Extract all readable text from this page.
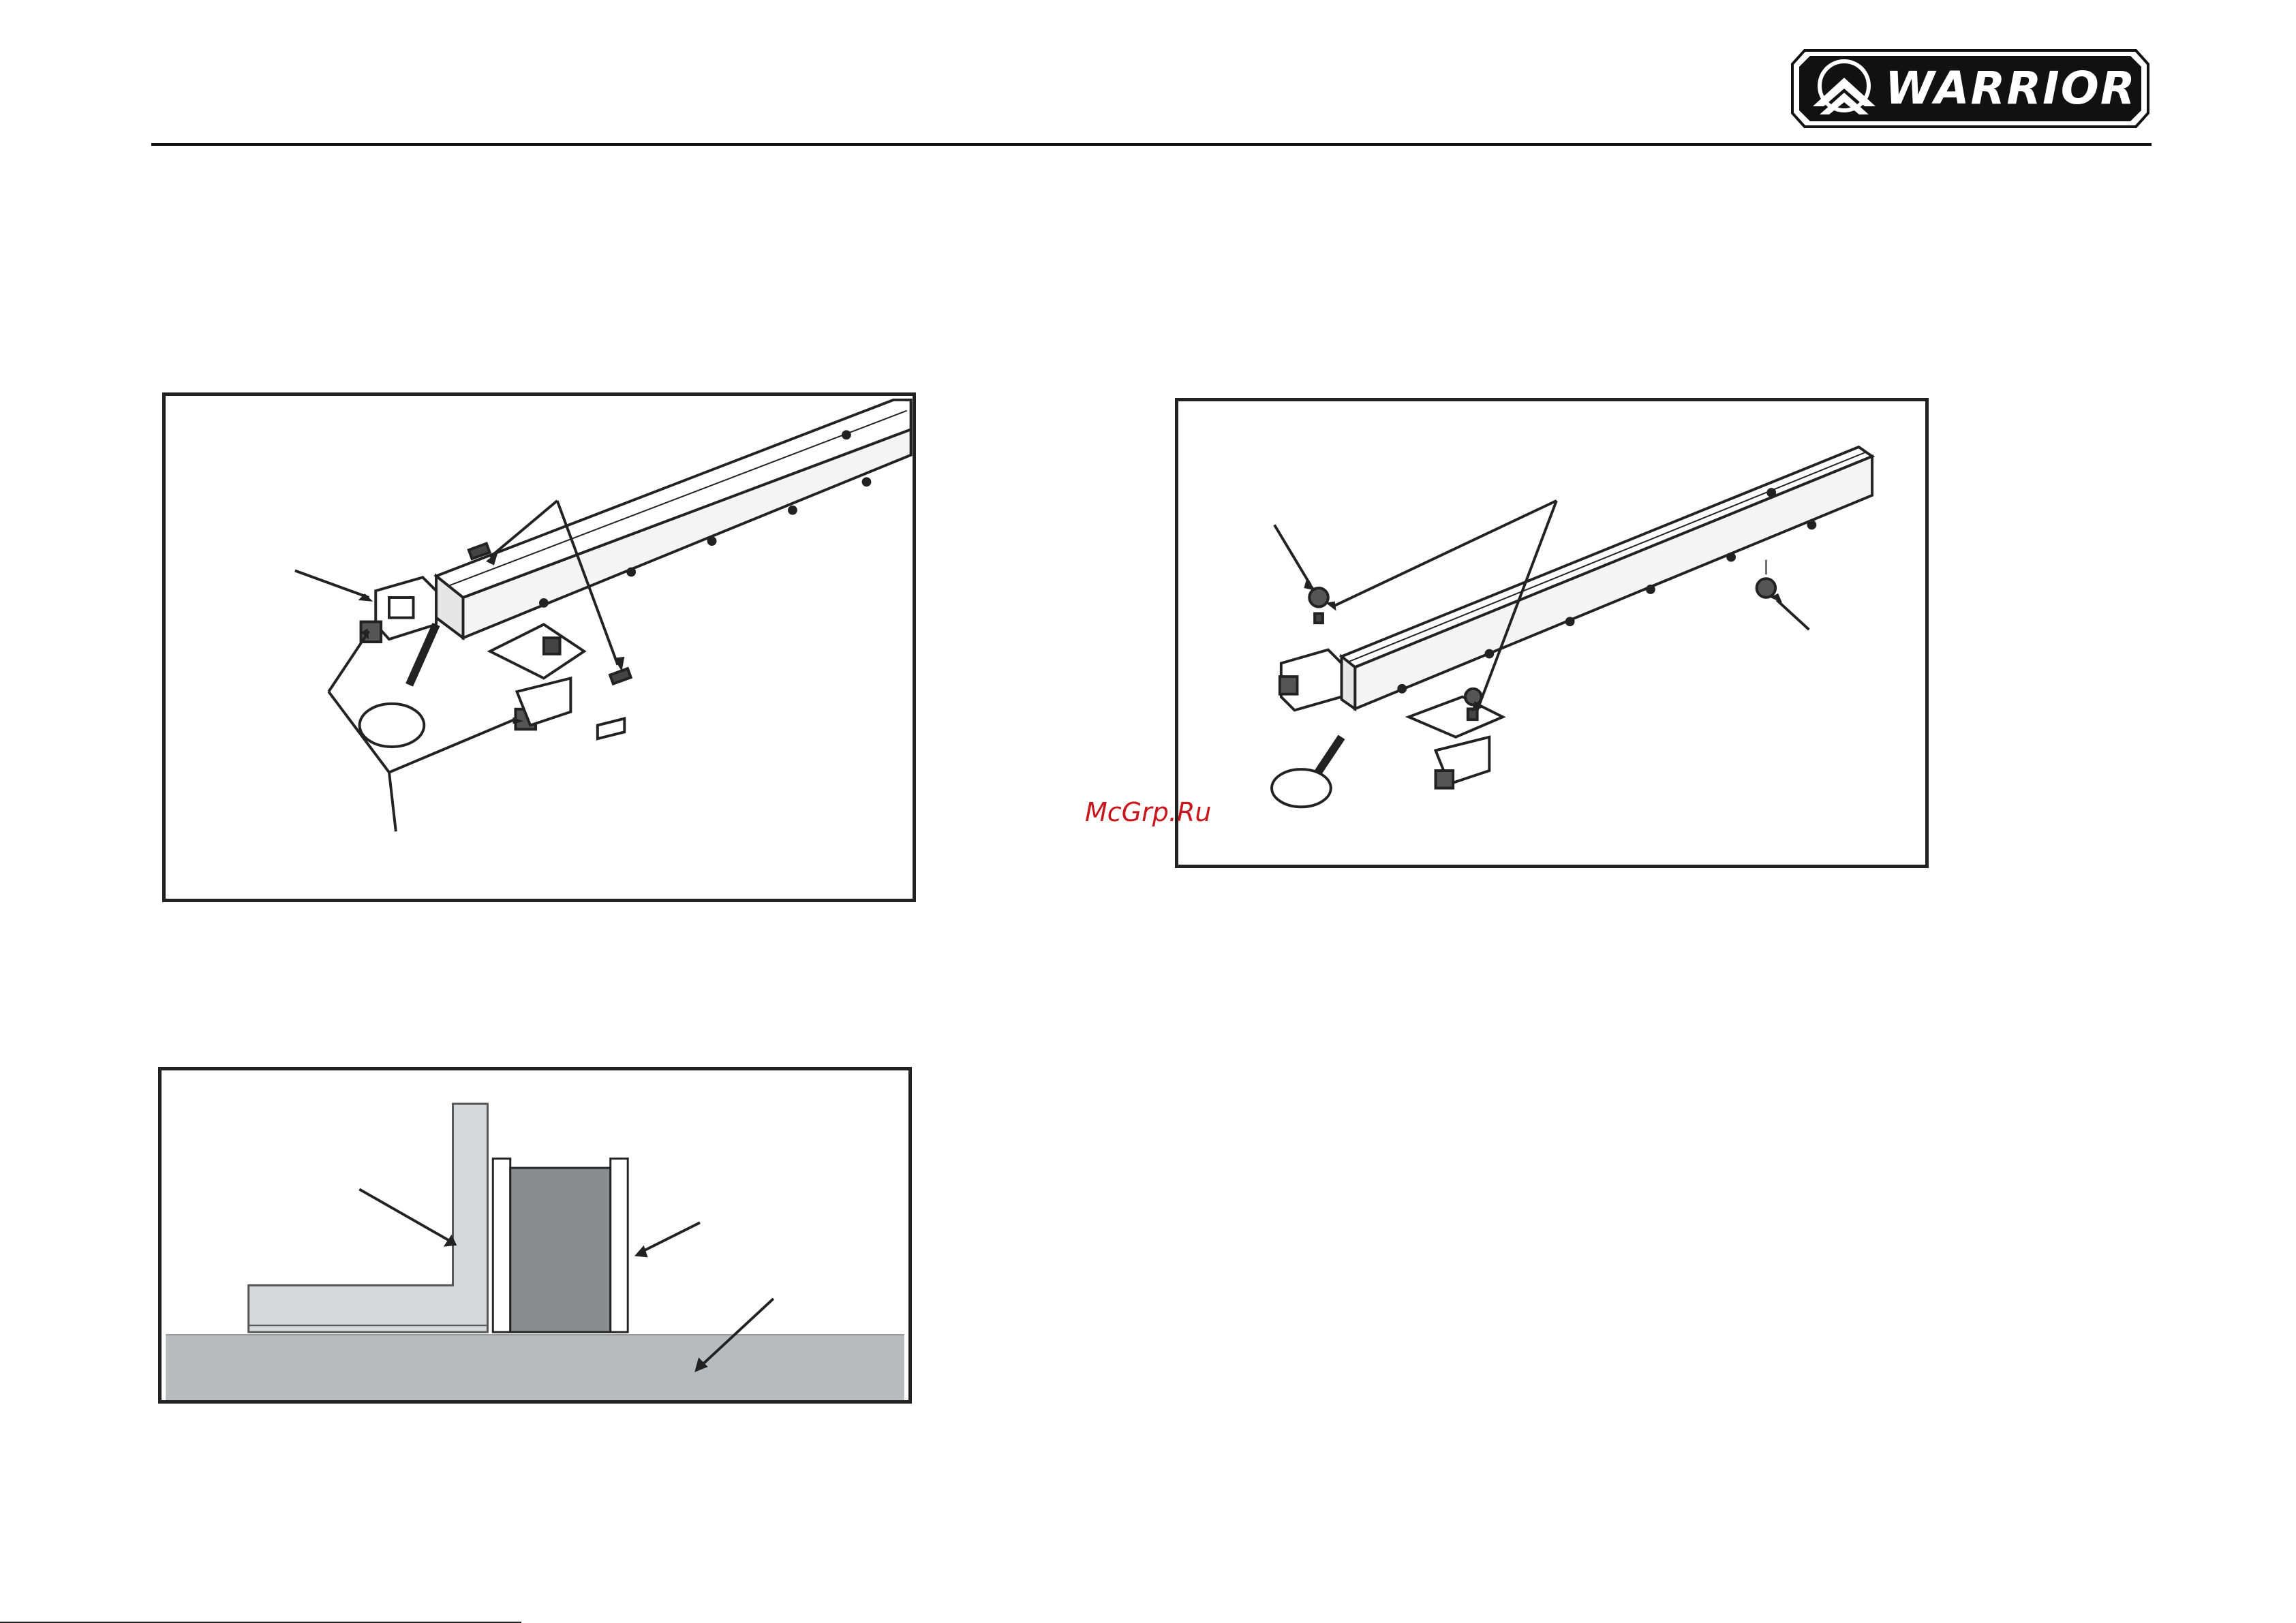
WARRIOR
McGrp.Ru
